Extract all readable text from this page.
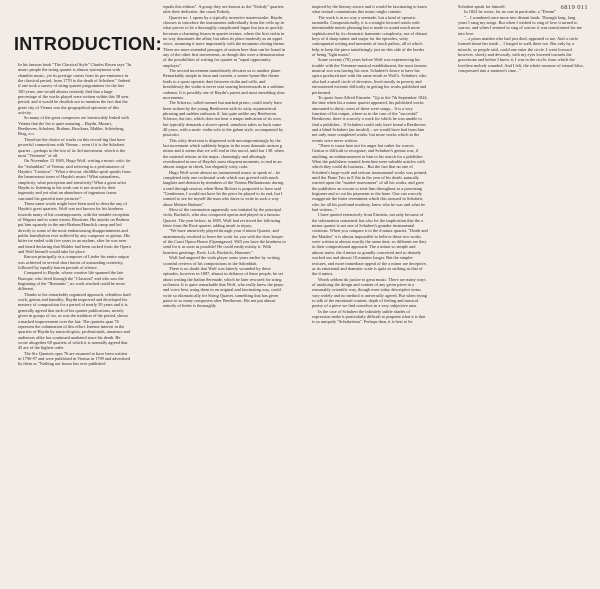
6819 011
INTRODUCTION:

In his famous book "The Classical Style" Charles Rosen says "In music people the string quartet is almost synonymous with chamber music, yet its prestige comes from its pre-eminence in the classical period, from 1770 to the death of Schubert." Indeed if one took a survey of string quartet programmes for the last 100 years, one would almost certainly find that a large percentage of the works played were written within this 58 year period, and it would be churlish not to mention the fact that the great city of Vienna was the geographical epicentre of this activity.

So many of the great composers are inextricably linked with Vienna that the list is quite amazing – Haydn, Mozart, Beethoven, Schubert, Brahms, Bruckner, Mahler, Schönberg, Berg, a.o.

Therefore the choice of works on this record-ing that have powerful connections with Vienna – even if it is the Schubert quartet – perhaps in the trio of its 3rd movement, which is the most "Viennese" of all.

On November 15 1865, Hugo Wolf, writing a music critic for the "Salonblatt" of Vienna, said referring to a performance of Haydn's "Creation": "What a devout, childlike spirit speaks from the harmonious tones of Haydn's music! What naturalness, simplicity, what perception and sensitivity! What a great artist Haydn is: listening to his work one is not struck by their ingenuity and yet what an abundance of ingenious forms surround his graceful tone pictures!"

These same words might have been used to describe any of Haydn's great quartets. Wolf was not known for his kindness towards many of his contemporaries, with the notable exception of Wagner and to some extent, Bruckner. His attacks on Brahms put him squarely in the anti-Brahms/Hanslick camp and led directly to some of the most embarrassing disappointments and public humiliation ever suffered by any composer or genius. His bitter ire ended with five years in an asylum, after he was seen and heard declaring that Mahler had been sacked from the Opera and Wolf himself would take his place.

Known principally as a composer of Lieder his entire output was achieved in several short bursts of astounding creativity, followed by equally barren periods of silence.

Compared to Haydn, whose creative life spanned the late Baroque, who lived through the "Classical" and who saw the beginning of the "Romantic", no work reached could be more different.

Thanks to his remarkably organised approach, relentless hard work, genius and humility, Haydn improved and developed his mastery of composition for a period of nearly 50 years and it is generally agreed that each of his quartet publications, mostly given in groups of six, as was the tradition of the period, shows a marked improvement over the last. The quartets span 76 represent the culmination of this effort. Intense interest in the quartets of Haydn by musicologists, professionals, amateurs and audiences alike has continued unabated since his death. He wrote altogether 68 quartets of which it is normally agreed that 45 are of the highest order.

The Six Quartets opus 76 are assumed to have been written in 1796-97 and were published in Vienna in 1799 and advertised by them as "Nothing our house has ever published

equals this edition". A group they are known as the "Erdody" quartets after their dedicatee, the count Erdody.

Quartet no. 1 opens by a typically inventive masterstroke. Haydn chooses to introduce the instruments individually from the cello up in what proves to be a thoroughly complicated fugue but just as quickly becomes a charming lesson in quartet texture, where the first violin in no way dominates the affair, but takes its place modestly as an upper voice, assuming it more importantly with the mountain closing theme. There are more extended passages of unison here than can be found in any of the other first movements, as though this were a demonstration of the possibilities of writing for quartet as "equal opportunity employer".

The second movement immediately elevates us to another plane. Remarkably simple in form and content, a serene hymn-like theme leads to a quasi operatic duet between violin and cello, and breathlessly the violin is never sent soaring heavenwards in a sublime cadenza. It is possibly one of Haydn's purest and most ennobling slow movements.

The Scherzo, called menuet but marked presto, could easily have been written by the young Beethoven with its witty asymmetrical phrasing and sudden outbursts ff, but quite unlike any Beethoven Scherzo, the trio, which does not bear a tempo indication of its own, but typically demands a slower speed, somehow takes us back some 40 years, with a rustic violin solo to the galant style, accompanied by pizzicato.

This witty diversion is dispensed with uncompromisingly by the last movement which suddenly begins in the most dramatic unison g minor and it seems that we will end in this mood, until bar 138, when the material returns in the major, charmingly and alluringly reverberated in one of Haydn's most eloquent moments, to end in an almost tongue in cheek, but elegantly witty coda.

Hugo Wolf wrote almost no instrumental music to speak of – he completed only one orchestral work which was greeted with much laughter and derision by members of the Vienna Philharmonic during a read through session, when Hans Richter is purported to have said "Gentlemen, I would not have let the piece be played to its end, but I wanted to see for myself the man who dares to write in such a way about Meister Brahms".

Most of the commotion apparently was initiated by the principal viola, Bachrich, who also composed operas and played in a famous Quartet. The year before, in 1885, Wolf had reviewed the following letter from the Rosé quartet, adding insult to injury.

"We have attentively played through your d minor Quartet, and unanimously resolved to leave the work for you with the door keeper of the Court Opera House (Operngasse). Will you have the kindness to send for it as soon as possible! He could easily mislay it. With heartiest greetings. Rosé, Loh, Bachrich, Hummer."

Wolf had angered the viola player some years earlier by writing scornful reviews of his compositions in the Salonblatt.

There is no doubt that Wolf was bitterly wounded by these episodes, however in 1887, almost in defiance of these people, he set about writing the Italian Serenade, which he later rescored for string orchestra. It is quite remarkable that Wolf, who really knew the piano and voice best, using them in an original and fascinating way, could write so idiomatically for String Quartet, something that has given pause to so many composers after Beethoven. His not put almost entirely of lieder is thoroughly

inspired by the literary source and it would be fascinating to know what textual connotations this music might contain.

The work is in no way a serenade, but a kind of operatic tarantella. Compositionally, it is a straight forward rondo with interminable metric phrasing but is made to sound much more sophisticated by its chromatic harmonic complexity, use of distant keys of d sharp minor and major for the episodes, witty contrapuntal writing and moments of mock pathos, all of which help to keep the piece tantalizingly just on this side of the border of being "light music".

Some seventy (70) years before Wolf was experiencing his trouble with the Viennese musical establishment, the most famous musical son was having his own. Schubert's desire to have his opera produced met with the same result as Wolf's. Schubert, who also had a small circle of devotees, lived mostly in poverty and encountered extreme difficulty in getting his works published and performed.

To quote from Alfred Einstein: "Up to the 7th September 1824, the date when his a minor quartet appeared, his published works amounted to thirty; most of these were songs... It is a very function of his output, where as in the case of the "succesful" Beethoven, there is scarcely a work for which he was unable to find a publisher... If Schubert could only have found a Beethoven and a blind Schubert (an invalid) – we would have had from him not only more completed works, but more works which in the events were never written.

"There is cause here not for anger but rather for sorrow. Genius is difficult to recognize, and Schubert's genius was, if anything, an embarrassment to him in his search for a publisher. What the publishers wanted from him were saleable articles with which they could do business... But the fact that no one of Schubert's large-scale and serious instrumental works was printed, until the Piano Trio in E flat in the year of his death, naturally reacted upon the "market-assessment" of all his works, and gave the publishers an excuse to treat him throughout as a promising beginner and so cut his payments to the bone. One can scarcely exaggerate the bitter resentment which this aroused in Schubert, who for all his profound modesty, knew who he was and what he had written..."

I have quoted extensively from Einstein, not only because of the information contained, but also for the implication that the a minor quartet is not one of Schubert's grander instrumental creations. When you compare it to the d minor quartet, "Death and the Maiden" it is almost impossible to believe these two works were written at almost exactly the same time, so different are they in their compositional approach. The a minor so simple and almost naive, the d minor so grandly conceived and so densely worked out and almost 10 minutes longer. But the simpler textures, and more immediate appeal of the a minor are deceptive, as its emotional and dramatic scale is quite as striking as that of the d minor.

Words seldom do justice to great music. There are many ways of analysing the design and content of any given piece in a reasonably scientific way, though even today descriptive terms vary widely and no method is universally agreed. But when trying to talk of the emotional content, depth of feeling and musical poetry of a piece we find ourselves in a very subjective area.

In the case of Schubert the infinitely subtle shades of expression make it particularly difficult to pinpoint what it is that is so uniquely "Schubertian". Perhaps then, it is best to let

Schubert speak for himself.

In 1822 he wrote, for no one in particular, a "Dream"

"... I wandered once more into distant lands. Through long, long years I sang my songs. But when I wished to sing of love it turned to sorrow, and when I seemed to sing of sorrow it was transformed for me into love.

... a pious maiden who had just died, appeared to me. And a circle formed about her tomb ... I longed to walk there too. But only by a miracle, so people said, could one enter the circle. I went forward however, slowly and devoutly, with my eyes lowered towards the gravestone and before I knew it, I was in the circle, from which the loveliest melody sounded. And I felt, the whole measure of eternal bliss, compressed into a moment's time..."
